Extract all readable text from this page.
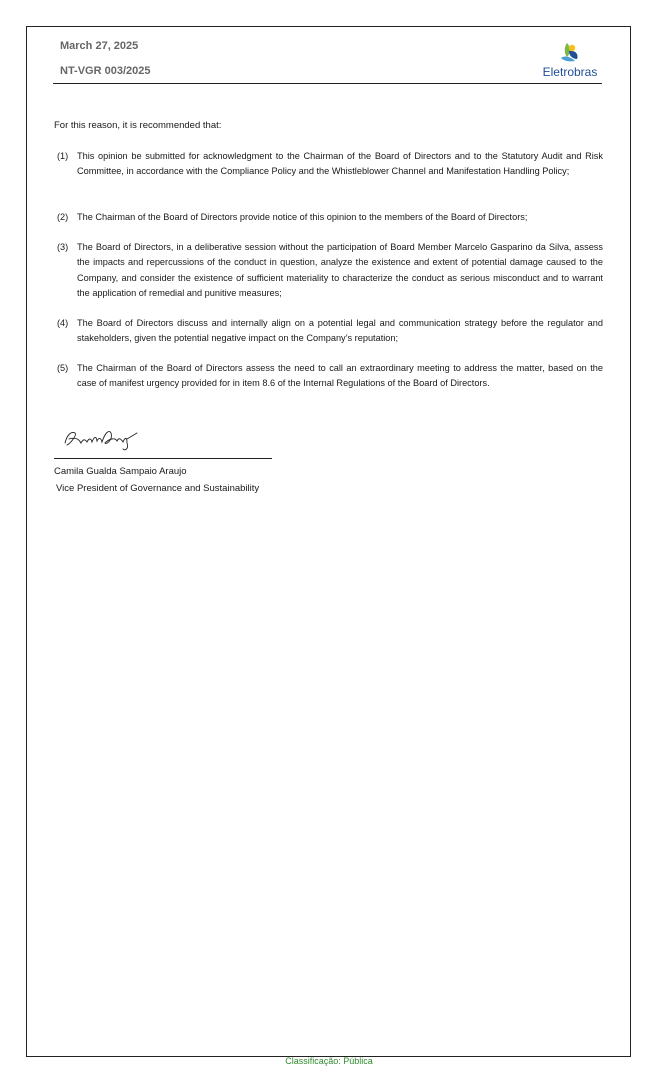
March 27, 2025
NT-VGR 003/2025	Eletrobras
For this reason, it is recommended that:
(1) This opinion be submitted for acknowledgment to the Chairman of the Board of Directors and to the Statutory Audit and Risk Committee, in accordance with the Compliance Policy and the Whistleblower Channel and Manifestation Handling Policy;
(2) The Chairman of the Board of Directors provide notice of this opinion to the members of the Board of Directors;
(3) The Board of Directors, in a deliberative session without the participation of Board Member Marcelo Gasparino da Silva, assess the impacts and repercussions of the conduct in question, analyze the existence and extent of potential damage caused to the Company, and consider the existence of sufficient materiality to characterize the conduct as serious misconduct and to warrant the application of remedial and punitive measures;
(4) The Board of Directors discuss and internally align on a potential legal and communication strategy before the regulator and stakeholders, given the potential negative impact on the Company’s reputation;
(5) The Chairman of the Board of Directors assess the need to call an extraordinary meeting to address the matter, based on the case of manifest urgency provided for in item 8.6 of the Internal Regulations of the Board of Directors.
Camila Gualda Sampaio Araujo
Vice President of Governance and Sustainability
Classificação: Pública
